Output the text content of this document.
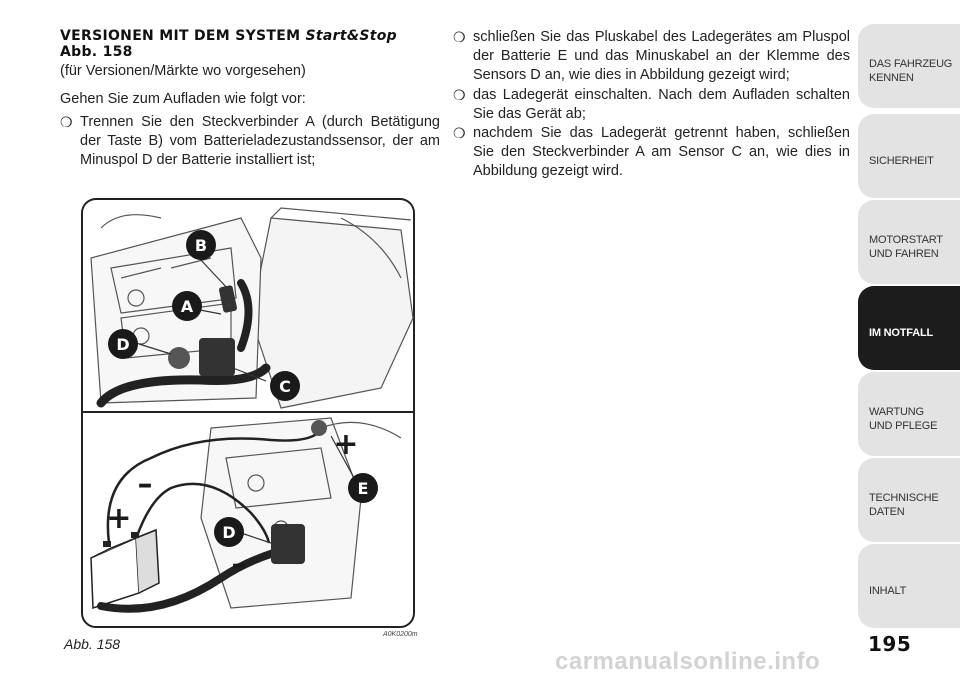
VERSIONEN MIT DEM SYSTEM Start&Stop
Abb. 158
(für Versionen/Märkte wo vorgesehen)
Gehen Sie zum Aufladen wie folgt vor:
❍ Trennen Sie den Steckverbinder A (durch Betätigung der Taste B) vom Batterieladezustandssensor, der am Minuspol D der Batterie installiert ist;
❍ schließen Sie das Pluskabel des Ladegerätes am Pluspol der Batterie E und das Minuskabel an der Klemme des Sensors D an, wie dies in Abbildung gezeigt wird;
❍ das Ladegerät einschalten. Nach dem Aufladen schalten Sie das Gerät ab;
❍ nachdem Sie das Ladegerät getrennt haben, schließen Sie den Steckverbinder A am Sensor C an, wie dies in Abbildung gezeigt wird.
B
A
D
C
E
D
+
+
–
–
Abb. 158
A0K0200m
DAS FAHRZEUG
KENNEN
SICHERHEIT
MOTORSTART
UND FAHREN
IM NOTFALL
WARTUNG
UND PFLEGE
TECHNISCHE
DATEN
INHALT
195
carmanualsonline.info
